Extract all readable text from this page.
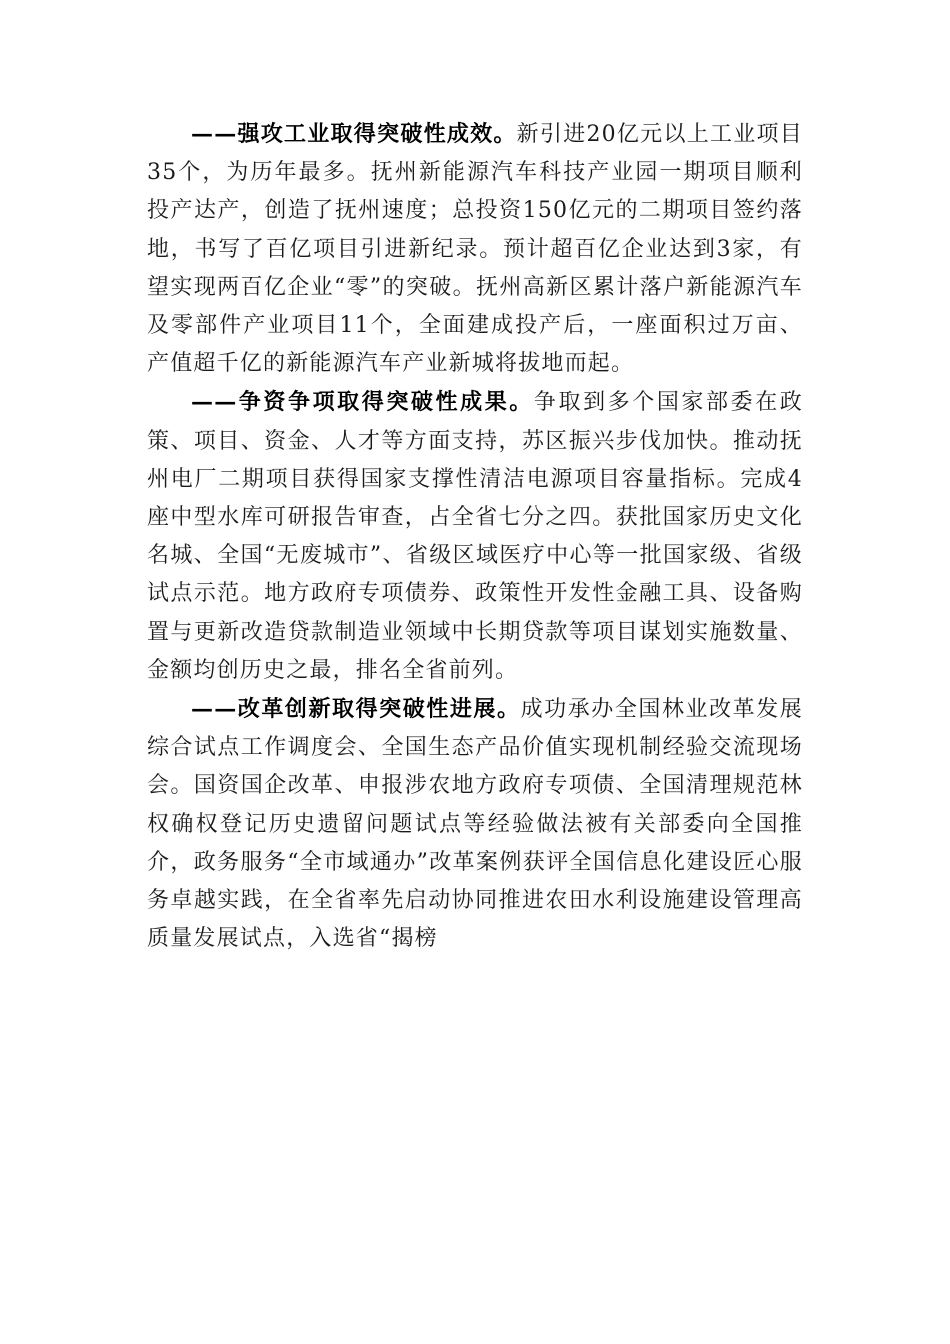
——强攻工业取得突破性成效。新引进20亿元以上工业项目35个，为历年最多。抚州新能源汽车科技产业园一期项目顺利投产达产，创造了抚州速度；总投资150亿元的二期项目签约落地，书写了百亿项目引进新纪录。预计超百亿企业达到3家，有望实现两百亿企业“零”的突破。抚州高新区累计落户新能源汽车及零部件产业项目11个，全面建成投产后，一座面积过万亩、产值超千亿的新能源汽车产业新城将拔地而起。

——争资争项取得突破性成果。争取到多个国家部委在政策、项目、资金、人才等方面支持，苏区振兴步伐加快。推动抚州电厂二期项目获得国家支撑性清洁电源项目容量指标。完成4座中型水库可研报告审查，占全省七分之四。获批国家历史文化名城、全国“无废城市”、省级区域医疗中心等一批国家级、省级试点示范。地方政府专项债券、政策性开发性金融工具、设备购置与更新改造贷款制造业领域中长期贷款等项目谋划实施数量、金额均创历史之最，排名全省前列。

——改革创新取得突破性进展。成功承办全国林业改革发展综合试点工作调度会、全国生态产品价值实现机制经验交流现场会。国资国企改革、申报涉农地方政府专项债、全国清理规范林权确权登记历史遗留问题试点等经验做法被有关部委向全国推介，政务服务“全市域通办”改革案例获评全国信息化建设匠心服务卓越实践，在全省率先启动协同推进农田水利设施建设管理高质量发展试点，入选省“揭榜
